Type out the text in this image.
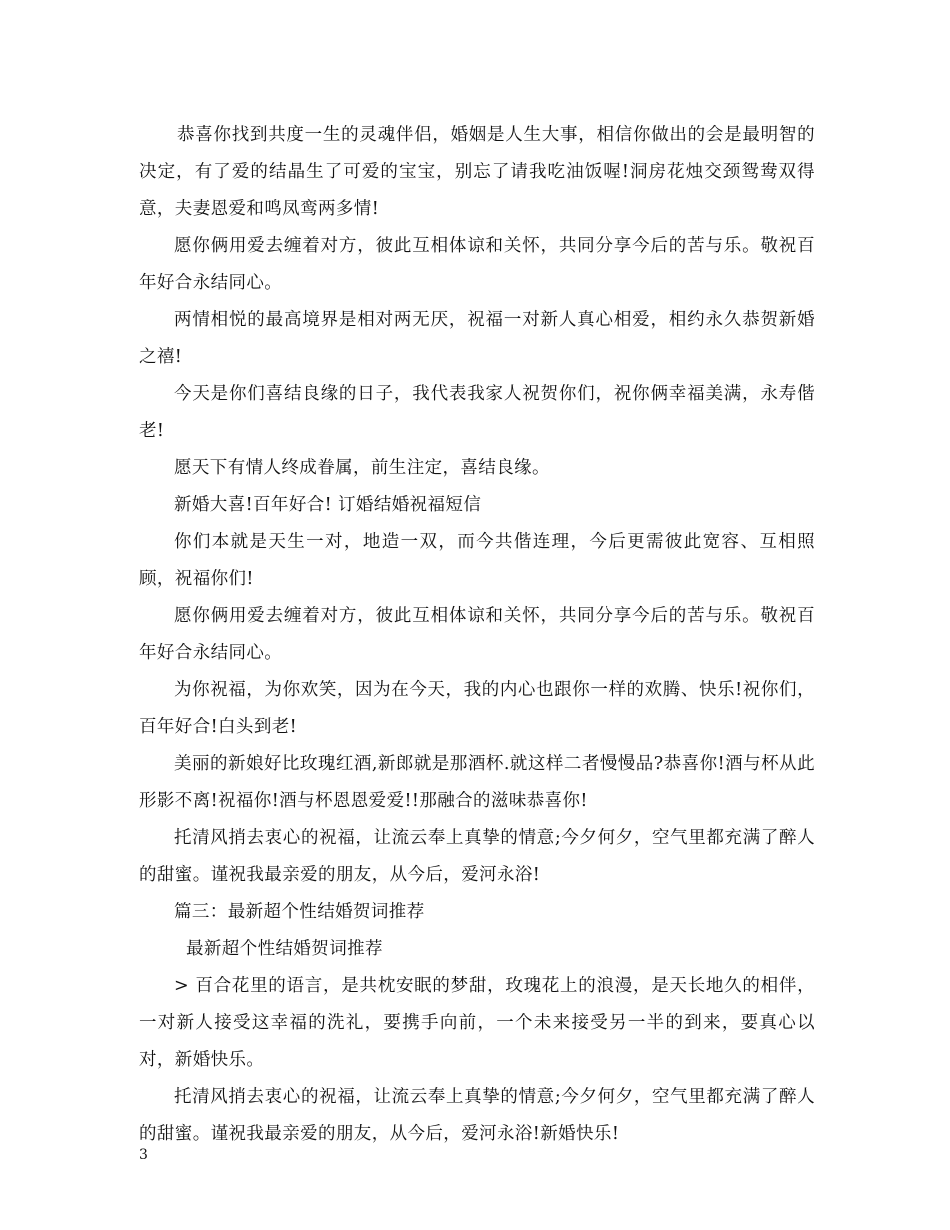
恭喜你找到共度一生的灵魂伴侣，婚姻是人生大事，相信你做出的会是最明智的决定，有了爱的结晶生了可爱的宝宝，别忘了请我吃油饭喔!洞房花烛交颈鸳鸯双得意，夫妻恩爱和鸣凤鸾两多情!

愿你俩用爱去缠着对方，彼此互相体谅和关怀，共同分享今后的苦与乐。敬祝百年好合永结同心。

两情相悦的最高境界是相对两无厌，祝福一对新人真心相爱，相约永久恭贺新婚之禧!

今天是你们喜结良缘的日子，我代表我家人祝贺你们，祝你俩幸福美满，永寿偕老!

愿天下有情人终成眷属，前生注定，喜结良缘。

新婚大喜!百年好合! 订婚结婚祝福短信

你们本就是天生一对，地造一双，而今共偕连理，今后更需彼此宽容、互相照顾，祝福你们!

愿你俩用爱去缠着对方，彼此互相体谅和关怀，共同分享今后的苦与乐。敬祝百年好合永结同心。

为你祝福，为你欢笑，因为在今天，我的内心也跟你一样的欢腾、快乐!祝你们，百年好合!白头到老!

美丽的新娘好比玫瑰红酒,新郎就是那酒杯.就这样二者慢慢品?恭喜你!酒与杯从此形影不离!祝福你!酒与杯恩恩爱爱!!那融合的滋味恭喜你!

托清风捎去衷心的祝福，让流云奉上真挚的情意;今夕何夕，空气里都充满了醉人的甜蜜。谨祝我最亲爱的朋友，从今后，爱河永浴!

篇三：最新超个性结婚贺词推荐

最新超个性结婚贺词推荐

> 百合花里的语言，是共枕安眠的梦甜，玫瑰花上的浪漫，是天长地久的相伴，一对新人接受这幸福的洗礼，要携手向前，一个未来接受另一半的到来，要真心以对，新婚快乐。

托清风捎去衷心的祝福，让流云奉上真挚的情意;今夕何夕，空气里都充满了醉人的甜蜜。谨祝我最亲爱的朋友，从今后，爱河永浴!新婚快乐!

3
